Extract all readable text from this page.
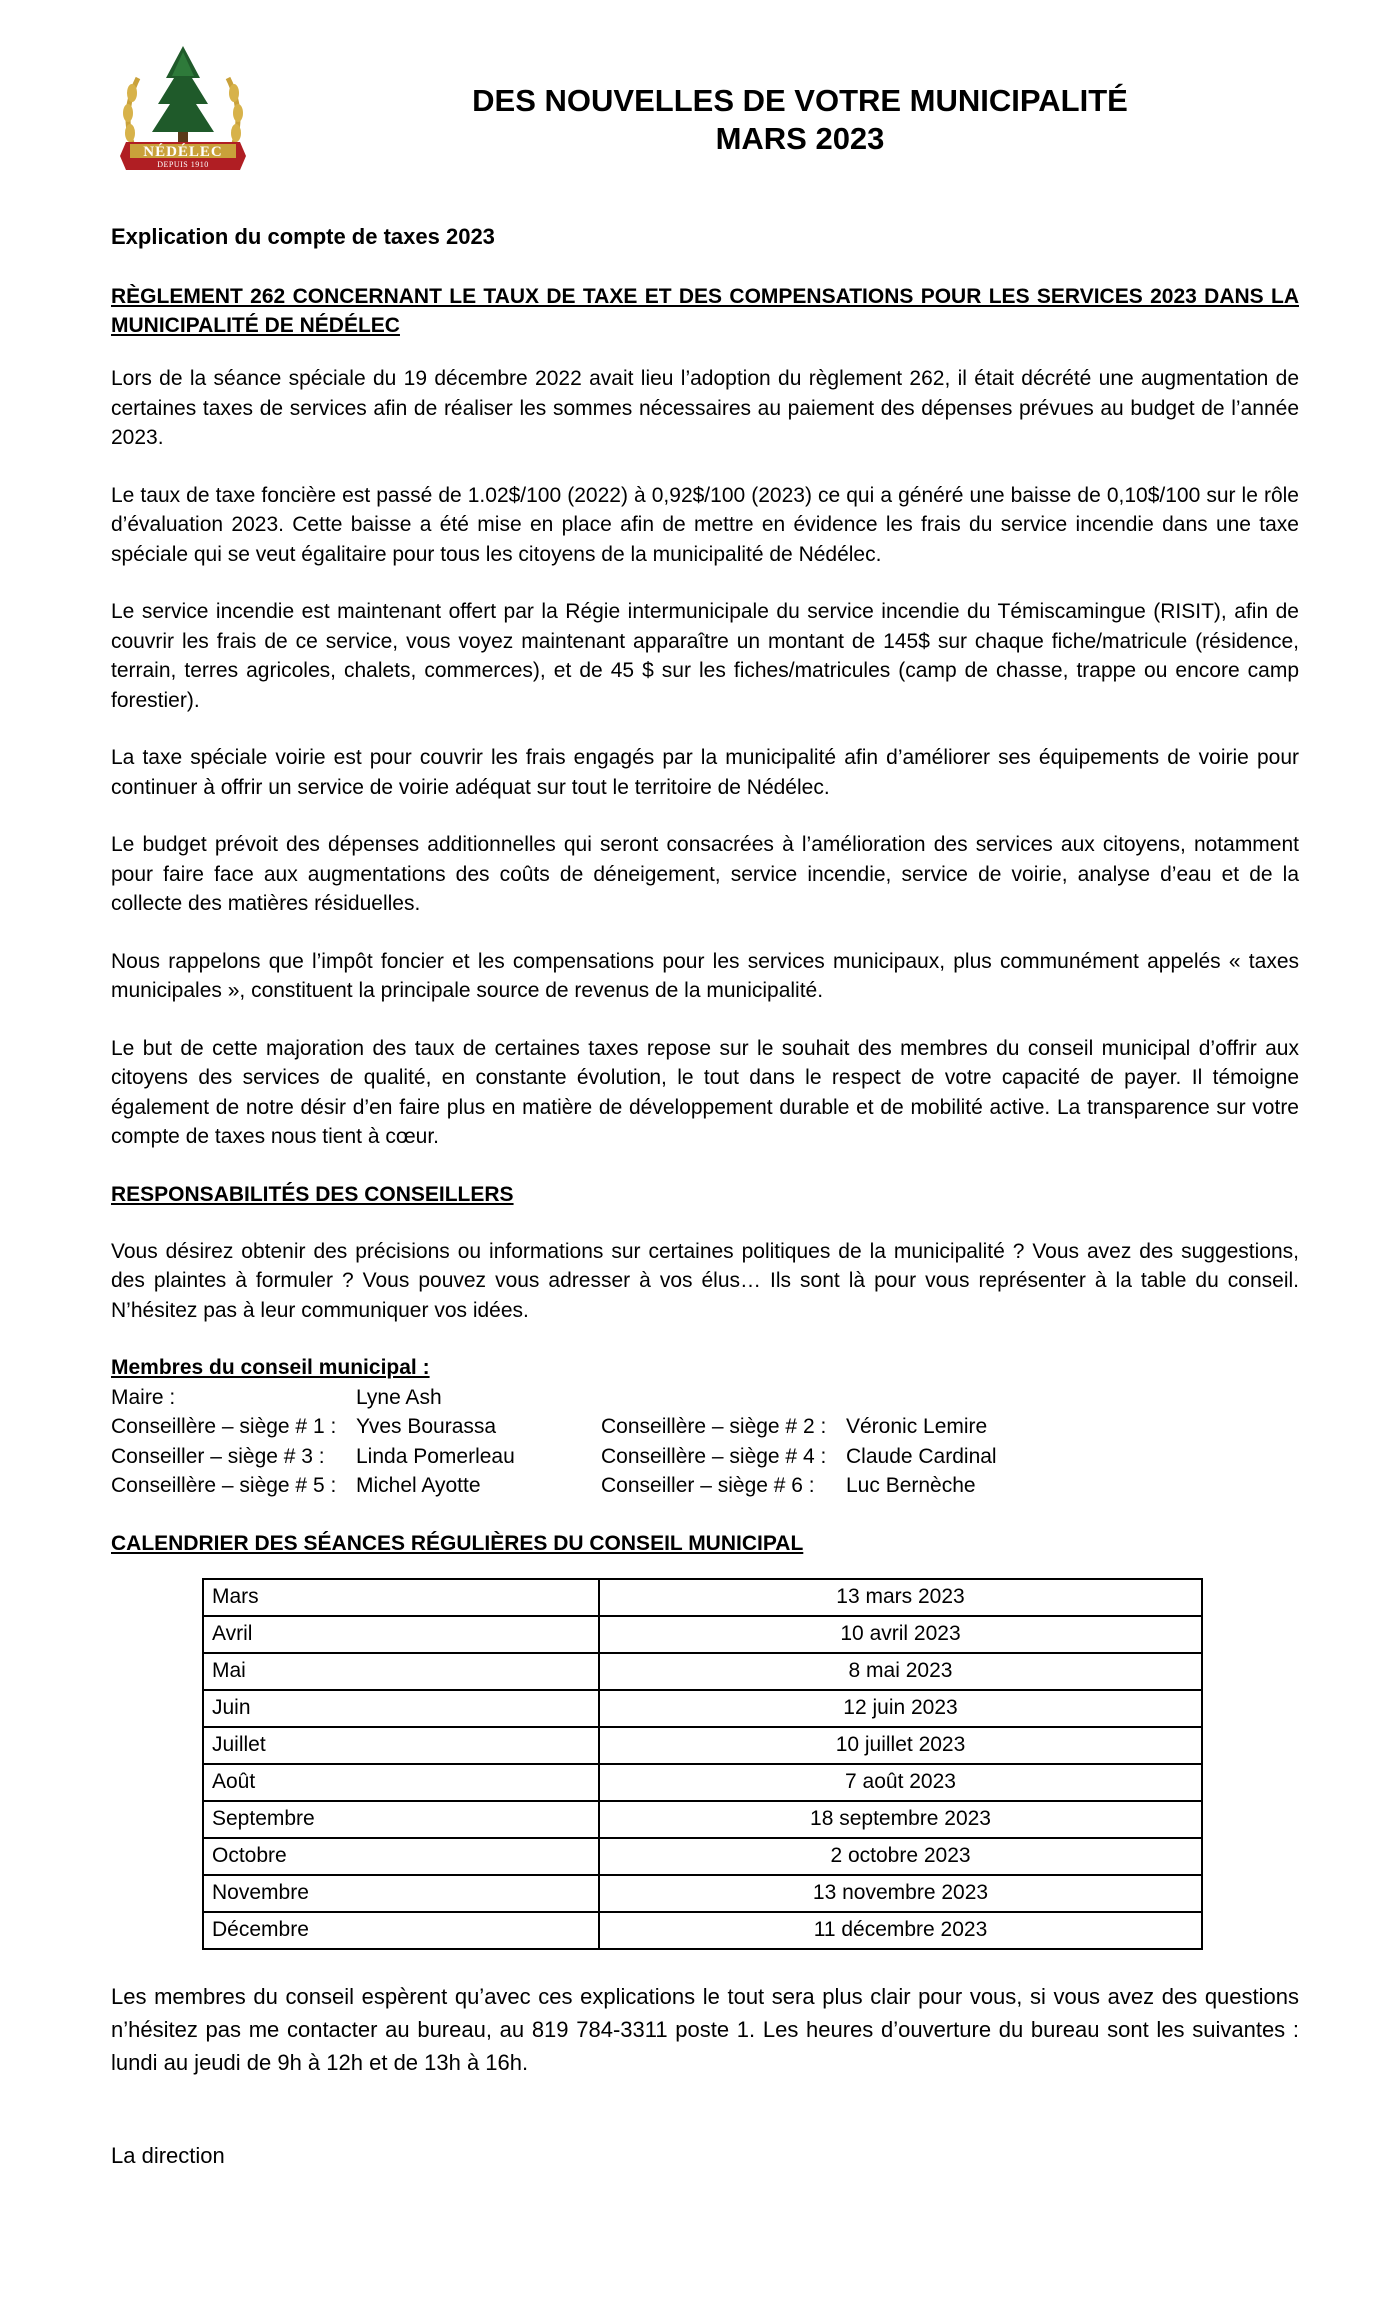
NÉDÉLEC
DEPUIS 1910
DES NOUVELLES DE VOTRE MUNICIPALITÉ
MARS 2023
Explication du compte de taxes 2023
RÈGLEMENT 262 CONCERNANT LE TAUX DE TAXE ET DES COMPENSATIONS POUR LES SERVICES 2023 DANS LA MUNICIPALITÉ DE NÉDÉLEC

Lors de la séance spéciale du 19 décembre 2022 avait lieu l’adoption du règlement 262, il était décrété une augmentation de certaines taxes de services afin de réaliser les sommes nécessaires au paiement des dépenses prévues au budget de l’année 2023.

Le taux de taxe foncière est passé de 1.02$/100 (2022) à 0,92$/100 (2023) ce qui a généré une baisse de 0,10$/100 sur le rôle d’évaluation 2023. Cette baisse a été mise en place afin de mettre en évidence les frais du service incendie dans une taxe spéciale qui se veut égalitaire pour tous les citoyens de la municipalité de Nédélec.

Le service incendie est maintenant offert par la Régie intermunicipale du service incendie du Témiscamingue (RISIT), afin de couvrir les frais de ce service, vous voyez maintenant apparaître un montant de 145$ sur chaque fiche/matricule (résidence, terrain, terres agricoles, chalets, commerces), et de 45 $ sur les fiches/matricules (camp de chasse, trappe ou encore camp forestier).

La taxe spéciale voirie est pour couvrir les frais engagés par la municipalité afin d’améliorer ses équipements de voirie pour continuer à offrir un service de voirie adéquat sur tout le territoire de Nédélec.

Le budget prévoit des dépenses additionnelles qui seront consacrées à l’amélioration des services aux citoyens, notamment pour faire face aux augmentations des coûts de déneigement, service incendie, service de voirie, analyse d’eau et de la collecte des matières résiduelles.

Nous rappelons que l’impôt foncier et les compensations pour les services municipaux, plus communément appelés « taxes municipales », constituent la principale source de revenus de la municipalité.

Le but de cette majoration des taux de certaines taxes repose sur le souhait des membres du conseil municipal d’offrir aux citoyens des services de qualité, en constante évolution, le tout dans le respect de votre capacité de payer. Il témoigne également de notre désir d’en faire plus en matière de développement durable et de mobilité active. La transparence sur votre compte de taxes nous tient à cœur.

RESPONSABILITÉS DES CONSEILLERS

Vous désirez obtenir des précisions ou informations sur certaines politiques de la municipalité ? Vous avez des suggestions, des plaintes à formuler ? Vous pouvez vous adresser à vos élus… Ils sont là pour vous représenter à la table du conseil. N’hésitez pas à leur communiquer vos idées.

Membres du conseil municipal :
Maire :	Lyne Ash
Conseillère – siège # 1 : Yves Bourassa	Conseillère – siège # 2 : Véronic Lemire
Conseiller – siège # 3 :	Linda Pomerleau	Conseillère – siège # 4 : Claude Cardinal
Conseillère – siège # 5 : Michel Ayotte	Conseiller – siège # 6 :	Luc Bernèche
CALENDRIER DES SÉANCES RÉGULIÈRES DU CONSEIL MUNICIPAL
Mars	13 mars 2023
Avril	10 avril 2023
Mai	8 mai 2023
Juin	12 juin 2023
Juillet	10 juillet 2023
Août	7 août 2023
Septembre	18 septembre 2023
Octobre	2 octobre 2023
Novembre	13 novembre 2023
Décembre	11 décembre 2023

Les membres du conseil espèrent qu’avec ces explications le tout sera plus clair pour vous, si vous avez des questions n’hésitez pas me contacter au bureau, au 819 784-3311 poste 1. Les heures d’ouverture du bureau sont les suivantes : lundi au jeudi de 9h à 12h et de 13h à 16h.

La direction
